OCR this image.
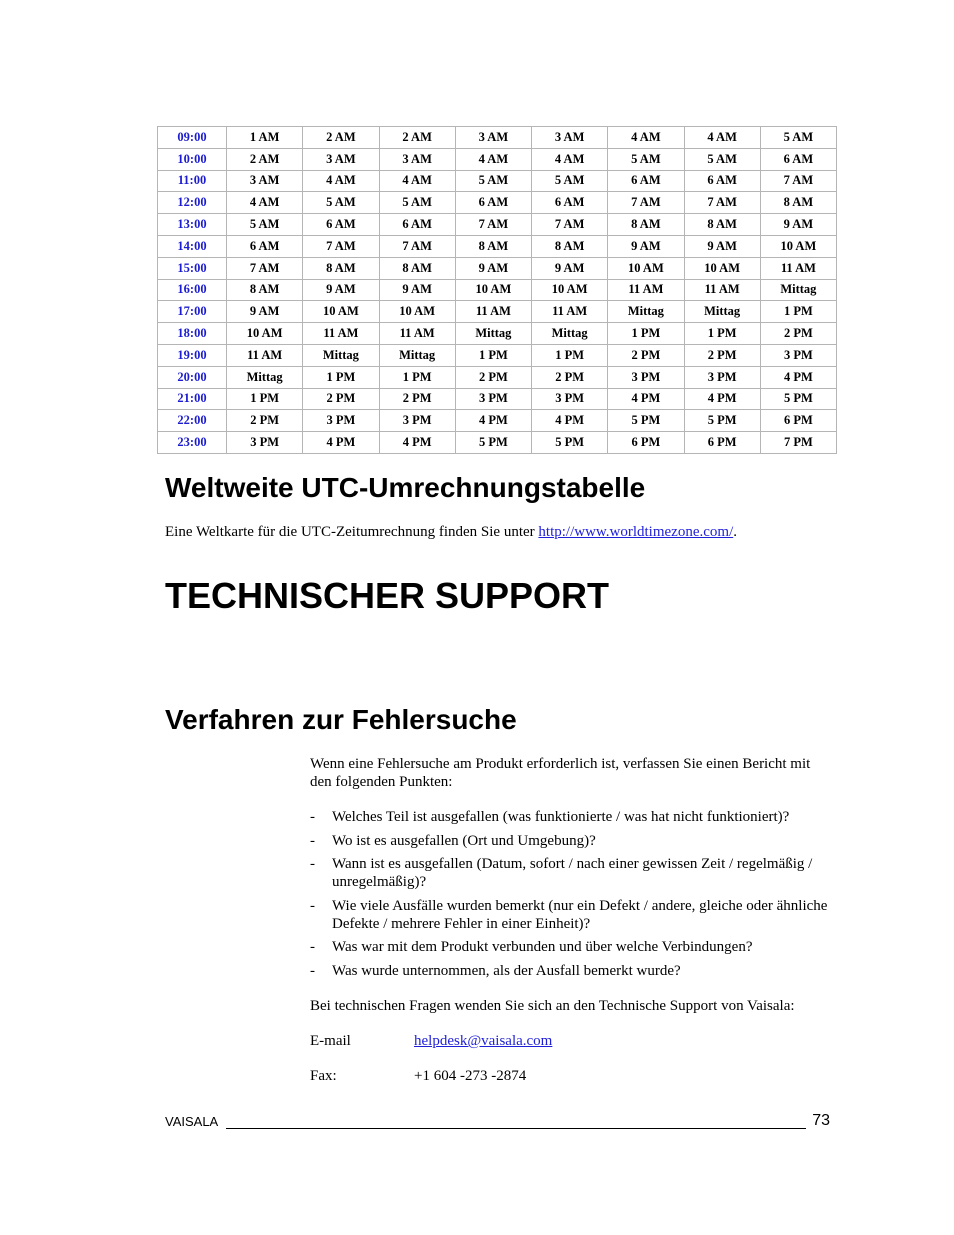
09:00	1 AM	2 AM	2 AM	3 AM	3 AM	4 AM	4 AM	5 AM
10:00	2 AM	3 AM	3 AM	4 AM	4 AM	5 AM	5 AM	6 AM
11:00	3 AM	4 AM	4 AM	5 AM	5 AM	6 AM	6 AM	7 AM
12:00	4 AM	5 AM	5 AM	6 AM	6 AM	7 AM	7 AM	8 AM
13:00	5 AM	6 AM	6 AM	7 AM	7 AM	8 AM	8 AM	9 AM
14:00	6 AM	7 AM	7 AM	8 AM	8 AM	9 AM	9 AM	10 AM
15:00	7 AM	8 AM	8 AM	9 AM	9 AM	10 AM	10 AM	11 AM
16:00	8 AM	9 AM	9 AM	10 AM	10 AM	11 AM	11 AM	Mittag
17:00	9 AM	10 AM	10 AM	11 AM	11 AM	Mittag	Mittag	1 PM
18:00	10 AM	11 AM	11 AM	Mittag	Mittag	1 PM	1 PM	2 PM
19:00	11 AM	Mittag	Mittag	1 PM	1 PM	2 PM	2 PM	3 PM
20:00	Mittag	1 PM	1 PM	2 PM	2 PM	3 PM	3 PM	4 PM
21:00	1 PM	2 PM	2 PM	3 PM	3 PM	4 PM	4 PM	5 PM
22:00	2 PM	3 PM	3 PM	4 PM	4 PM	5 PM	5 PM	6 PM
23:00	3 PM	4 PM	4 PM	5 PM	5 PM	6 PM	6 PM	7 PM
Weltweite UTC-Umrechnungstabelle

Eine Weltkarte für die UTC-Zeitumrechnung finden Sie unter http://www.worldtimezone.com/.

TECHNISCHER SUPPORT
Verfahren zur Fehlersuche

Wenn eine Fehlersuche am Produkt erforderlich ist, verfassen Sie einen Bericht mit den folgenden Punkten:

- Welches Teil ist ausgefallen (was funktionierte / was hat nicht funktioniert)?
- Wo ist es ausgefallen (Ort und Umgebung)?
- Wann ist es ausgefallen (Datum, sofort / nach einer gewissen Zeit / regelmäßig / unregelmäßig)?
- Wie viele Ausfälle wurden bemerkt (nur ein Defekt / andere, gleiche oder ähnliche Defekte / mehrere Fehler in einer Einheit)?
- Was war mit dem Produkt verbunden und über welche Verbindungen?
- Was wurde unternommen, als der Ausfall bemerkt wurde?

Bei technischen Fragen wenden Sie sich an den Technische Support von Vaisala:

E-mail	helpdesk@vaisala.com
Fax:	+1 604 -273 -2874
VAISALA	73
